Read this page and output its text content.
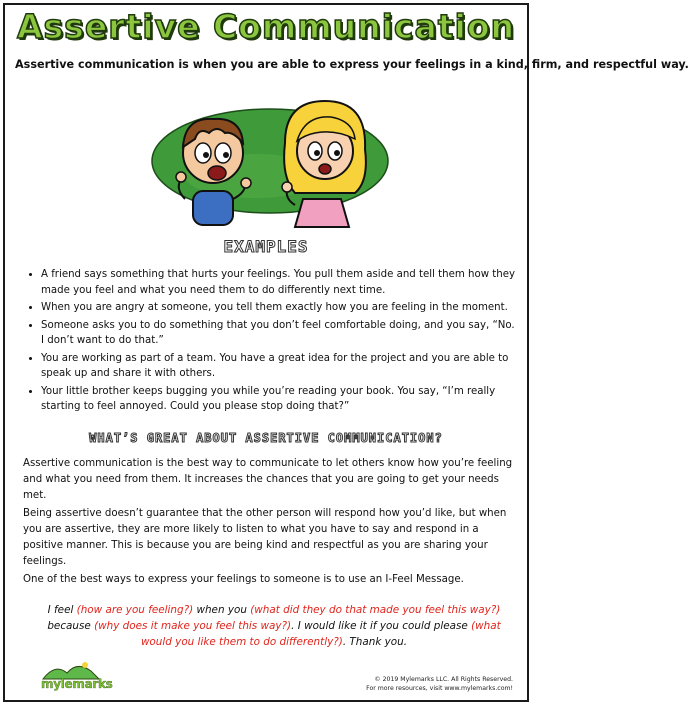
Assertive Communication
Assertive communication is when you are able to express your feelings in a kind, firm, and respectful way.
EXAMPLES
• A friend says something that hurts your feelings. You pull them aside and tell them how they made you feel and what you need them to do differently next time.
• When you are angry at someone, you tell them exactly how you are feeling in the moment.
• Someone asks you to do something that you don’t feel comfortable doing, and you say, “No. I don’t want to do that.”
• You are working as part of a team. You have a great idea for the project and you are able to speak up and share it with others.
• Your little brother keeps bugging you while you’re reading your book. You say, “I’m really starting to feel annoyed. Could you please stop doing that?”
WHAT’S GREAT ABOUT ASSERTIVE COMMUNICATION?

Assertive communication is the best way to communicate to let others know how you’re feeling and what you need from them. It increases the chances that you are going to get your needs met.

Being assertive doesn’t guarantee that the other person will respond how you’d like, but when you are assertive, they are more likely to listen to what you have to say and respond in a positive manner. This is because you are being kind and respectful as you are sharing your feelings.

One of the best ways to express your feelings to someone is to use an I-Feel Message.

I feel (how are you feeling?) when you (what did they do that made you feel this way?) because (why does it make you feel this way?). I would like it if you could please (what would you like them to do differently?). Thank you.
mylemarks	© 2019 Mylemarks LLC. All Rights Reserved.
For more resources, visit www.mylemarks.com!
